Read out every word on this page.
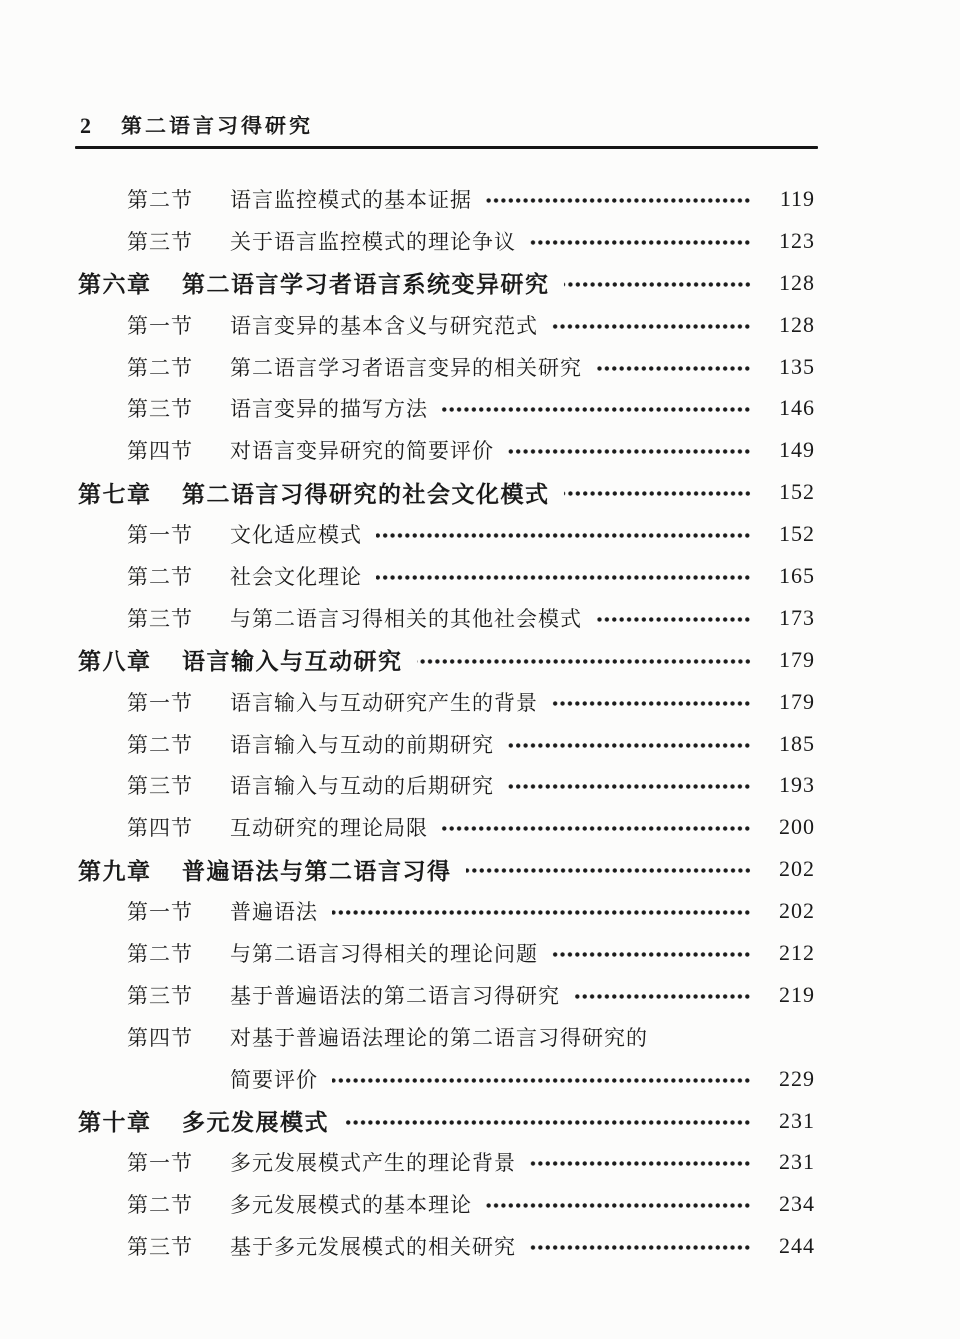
2 第二语言习得研究
第二节	语言监控模式的基本证据	119
第三节	关于语言监控模式的理论争议	123
第六章	第二语言学习者语言系统变异研究	128
第一节	语言变异的基本含义与研究范式	128
第二节	第二语言学习者语言变异的相关研究	135
第三节	语言变异的描写方法	146
第四节	对语言变异研究的简要评价	149
第七章	第二语言习得研究的社会文化模式	152
第一节	文化适应模式	152
第二节	社会文化理论	165
第三节	与第二语言习得相关的其他社会模式	173
第八章	语言输入与互动研究	179
第一节	语言输入与互动研究产生的背景	179
第二节	语言输入与互动的前期研究	185
第三节	语言输入与互动的后期研究	193
第四节	互动研究的理论局限	200
第九章	普遍语法与第二语言习得	202
第一节	普遍语法	202
第二节	与第二语言习得相关的理论问题	212
第三节	基于普遍语法的第二语言习得研究	219
第四节	对基于普遍语法理论的第二语言习得研究的
简要评价	229
第十章	多元发展模式	231
第一节	多元发展模式产生的理论背景	231
第二节	多元发展模式的基本理论	234
第三节	基于多元发展模式的相关研究	244
